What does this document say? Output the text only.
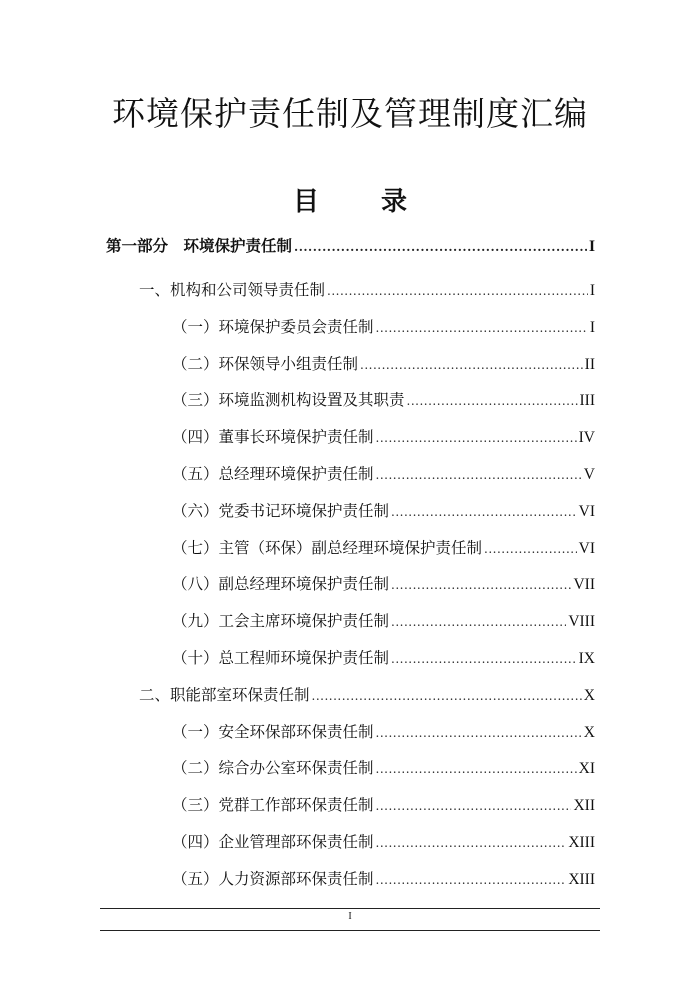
环境保护责任制及管理制度汇编
目录
第一部分　环境保护责任制 .....	I
一、机构和公司领导责任制 .....	I
（一）环境保护委员会责任制 .....	I
（二）环保领导小组责任制 .....	II
（三）环境监测机构设置及其职责 .....	III
（四）董事长环境保护责任制 .....	IV
（五）总经理环境保护责任制 .....	V
（六）党委书记环境保护责任制 .....	VI
（七）主管（环保）副总经理环境保护责任制 .....	VI
（八）副总经理环境保护责任制 .....	VII
（九）工会主席环境保护责任制 .....	VIII
（十）总工程师环境保护责任制 .....	IX
二、职能部室环保责任制 .....	X
（一）安全环保部环保责任制 .....	X
（二）综合办公室环保责任制 .....	XI
（三）党群工作部环保责任制 .....	XII
（四）企业管理部环保责任制 .....	XIII
（五）人力资源部环保责任制 .....	XIII
I
